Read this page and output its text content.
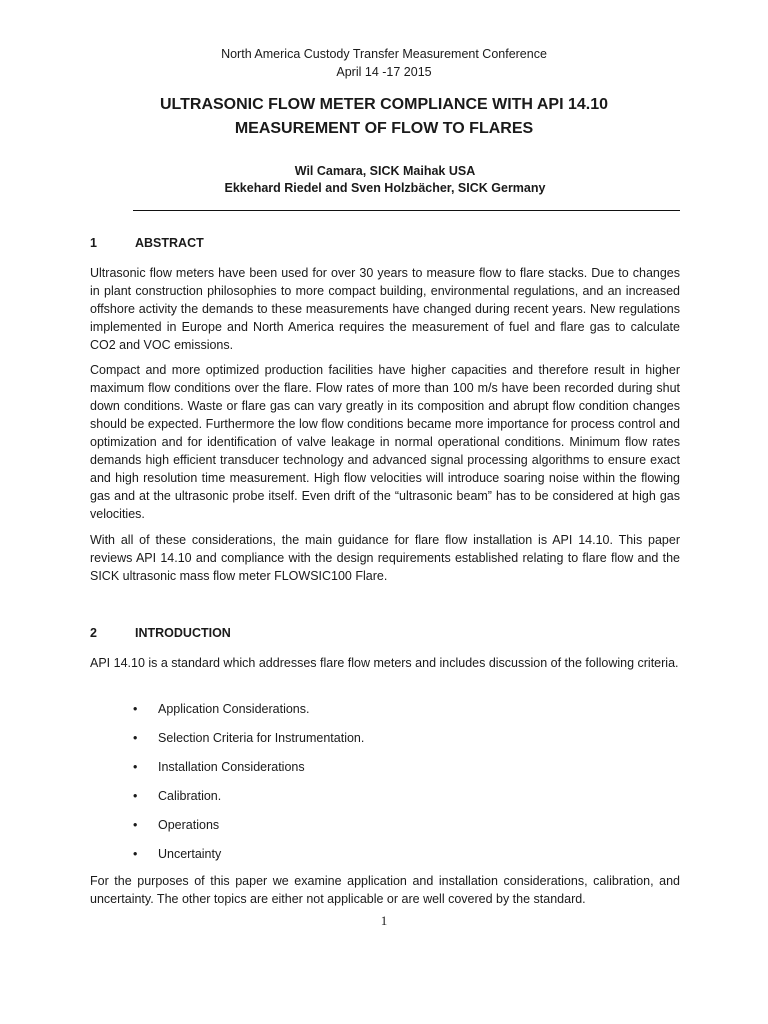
North America Custody Transfer Measurement Conference
April 14 -17 2015
ULTRASONIC FLOW METER COMPLIANCE WITH API 14.10
MEASUREMENT OF FLOW TO FLARES
Wil Camara, SICK Maihak USA
Ekkehard Riedel and Sven Holzbächer, SICK Germany
1	ABSTRACT

Ultrasonic flow meters have been used for over 30 years to measure flow to flare stacks. Due to changes in plant construction philosophies to more compact building, environmental regulations, and an increased offshore activity the demands to these measurements have changed during recent years. New regulations implemented in Europe and North America requires the measurement of fuel and flare gas to calculate CO2 and VOC emissions.

Compact and more optimized production facilities have higher capacities and therefore result in higher maximum flow conditions over the flare. Flow rates of more than 100 m/s have been recorded during shut down conditions. Waste or flare gas can vary greatly in its composition and abrupt flow condition changes should be expected. Furthermore the low flow conditions became more importance for process control and optimization and for identification of valve leakage in normal operational conditions. Minimum flow rates demands high efficient transducer technology and advanced signal processing algorithms to ensure exact and high resolution time measurement. High flow velocities will introduce soaring noise within the flowing gas and at the ultrasonic probe itself. Even drift of the “ultrasonic beam” has to be considered at high gas velocities.

With all of these considerations, the main guidance for flare flow installation is API 14.10. This paper reviews API 14.10 and compliance with the design requirements established relating to flare flow and the SICK ultrasonic mass flow meter FLOWSIC100 Flare.

2	INTRODUCTION

API 14.10 is a standard which addresses flare flow meters and includes discussion of the following criteria.

• Application Considerations.
• Selection Criteria for Instrumentation.
• Installation Considerations
• Calibration.
• Operations
• Uncertainty

For the purposes of this paper we examine application and installation considerations, calibration, and uncertainty. The other topics are either not applicable or are well covered by the standard.

1
